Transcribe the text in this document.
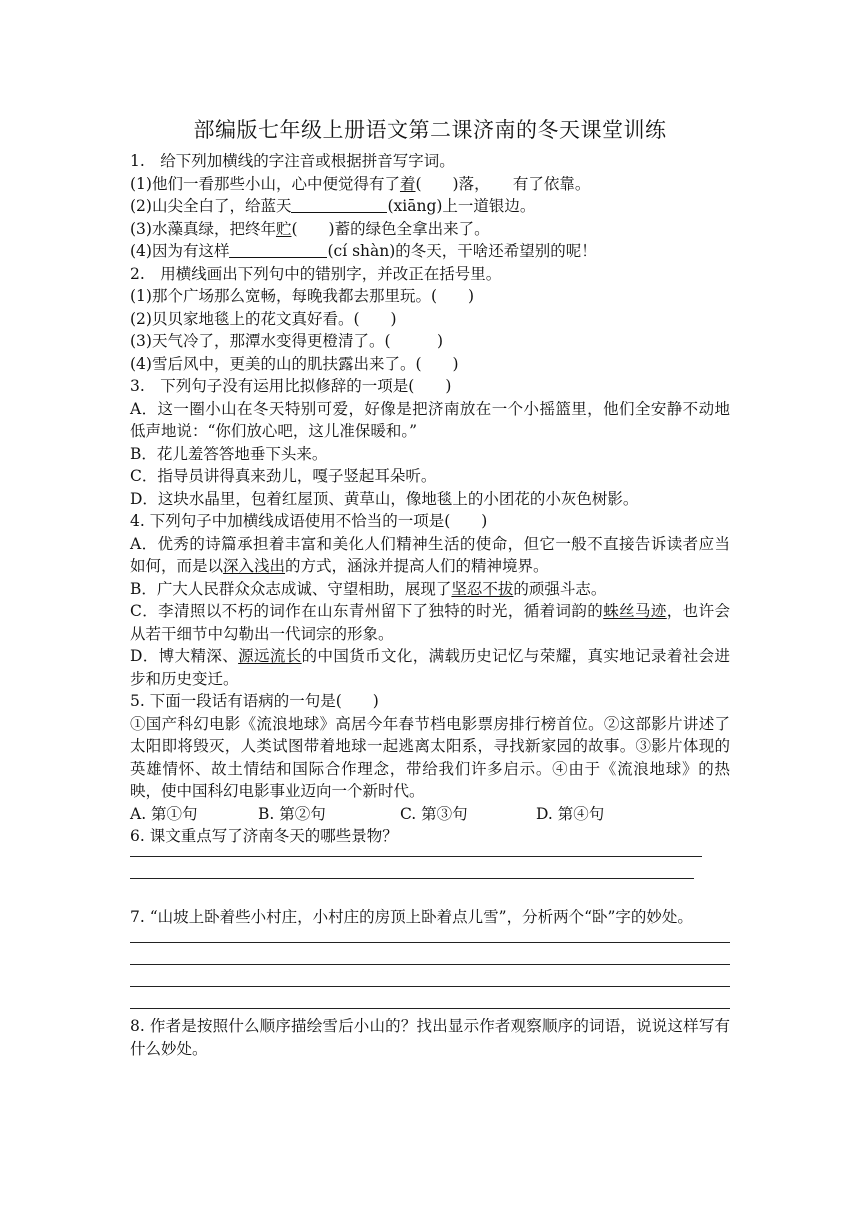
部编版七年级上册语文第二课济南的冬天课堂训练
1.　给下列加横线的字注音或根据拼音写字词。
(1)他们一看那些小山，心中便觉得有了着(　　)落，　　有了依靠。
(2)山尖全白了，给蓝天	(xiāng)上一道银边。
(3)水藻真绿，把终年贮(　　)蓄的绿色全拿出来了。
(4)因为有这样	(cí shàn)的冬天，干啥还希望别的呢！
2.　用横线画出下列句中的错别字，并改正在括号里。
(1)那个广场那么宽畅，每晚我都去那里玩。(　　)
(2)贝贝家地毯上的花文真好看。(　　)
(3)天气冷了，那潭水变得更橙清了。(　　　)
(4)雪后风中，更美的山的肌扶露出来了。(　　)
3.　下列句子没有运用比拟修辞的一项是(　　)
A．这一圈小山在冬天特别可爱，好像是把济南放在一个小摇篮里，他们全安静不动地低声地说：“你们放心吧，这儿准保暖和。”
B．花儿羞答答地垂下头来。
C．指导员讲得真来劲儿，嘎子竖起耳朵听。
D．这块水晶里，包着红屋顶、黄草山，像地毯上的小团花的小灰色树影。
4. 下列句子中加横线成语使用不恰当的一项是(　　)
A．优秀的诗篇承担着丰富和美化人们精神生活的使命，但它一般不直接告诉读者应当如何，而是以深入浅出的方式，涵泳并提高人们的精神境界。
B．广大人民群众众志成诚、守望相助，展现了坚忍不拔的顽强斗志。
C．李清照以不朽的词作在山东青州留下了独特的时光，循着词韵的蛛丝马迹，也许会从若干细节中勾勒出一代词宗的形象。
D．博大精深、源远流长的中国货币文化，满载历史记忆与荣耀，真实地记录着社会进步和历史变迁。
5. 下面一段话有语病的一句是(　　)
①国产科幻电影《流浪地球》高居今年春节档电影票房排行榜首位。②这部影片讲述了太阳即将毁灭，人类试图带着地球一起逃离太阳系，寻找新家园的故事。③影片体现的英雄情怀、故土情结和国际合作理念，带给我们许多启示。④由于《流浪地球》的热映，使中国科幻电影事业迈向一个新时代。
A. 第①句	B. 第②句	C. 第③句	D. 第④句
6. 课文重点写了济南冬天的哪些景物？
7. “山坡上卧着些小村庄，小村庄的房顶上卧着点儿雪”，分析两个“卧”字的妙处。
8. 作者是按照什么顺序描绘雪后小山的？找出显示作者观察顺序的词语，说说这样写有什么妙处。
